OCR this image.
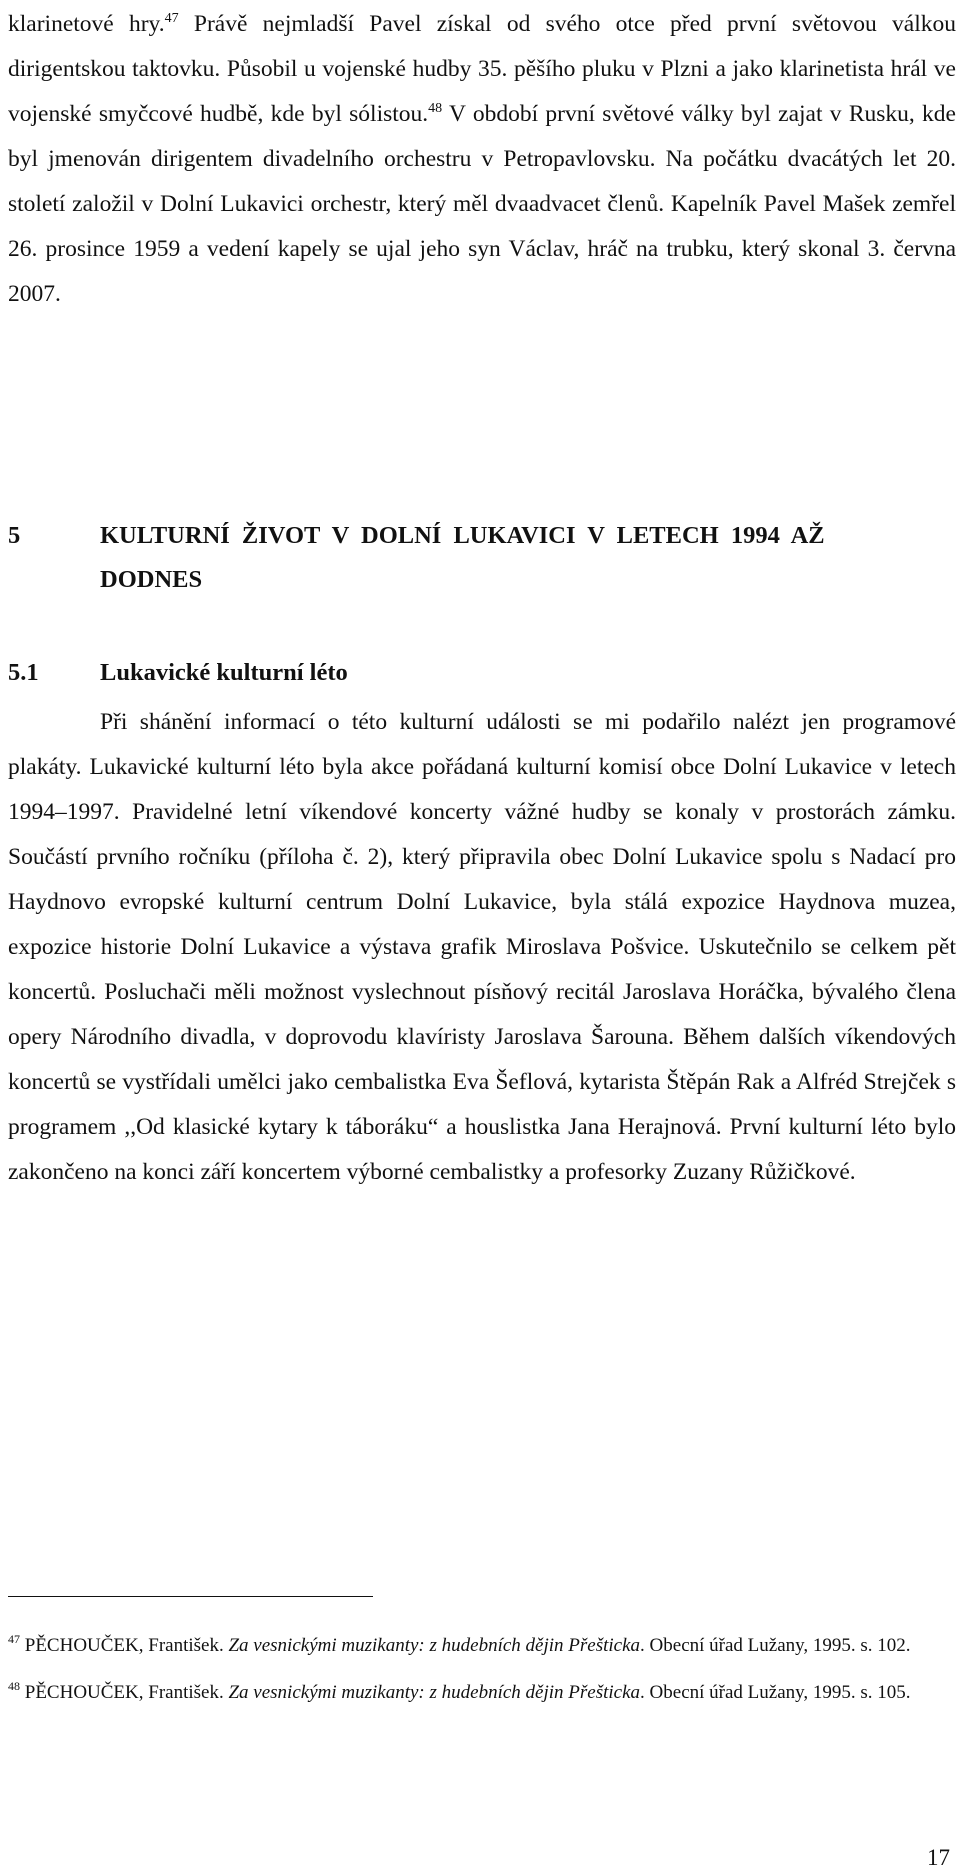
klarinetové hry.$^{47}$ Právě nejmladší Pavel získal od svého otce před první světovou válkou dirigentskou taktovku. Působil u vojenské hudby 35. pěšího pluku v Plzni a jako klarinetista hrál ve vojenské smyčcové hudbě, kde byl sólistou.$^{48}$ V období první světové války byl zajat v Rusku, kde byl jmenován dirigentem divadelního orchestru v Petropavlovsku. Na počátku dvacátých let 20. století založil v Dolní Lukavici orchestr, který měl dvaadvacet členů. Kapelník Pavel Mašek zemřel 26. prosince 1959 a vedení kapely se ujal jeho syn Václav, hráč na trubku, který skonal 3. června 2007.
5	KULTURNÍ ŽIVOT V DOLNÍ LUKAVICI V LETECH 1994 AŽ DODNES
5.1	Lukavické kulturní léto
Při shánění informací o této kulturní události se mi podařilo nalézt jen programové plakáty. Lukavické kulturní léto byla akce pořádaná kulturní komisí obce Dolní Lukavice v letech 1994–1997. Pravidelné letní víkendové koncerty vážné hudby se konaly v prostorách zámku. Součástí prvního ročníku (příloha č. 2), který připravila obec Dolní Lukavice spolu s Nadací pro Haydnovo evropské kulturní centrum Dolní Lukavice, byla stálá expozice Haydnova muzea, expozice historie Dolní Lukavice a výstava grafik Miroslava Pošvice. Uskutečnilo se celkem pět koncertů. Posluchači měli možnost vyslechnout písňový recitál Jaroslava Horáčka, bývalého člena opery Národního divadla, v doprovodu klavíristy Jaroslava Šarouna. Během dalších víkendových koncertů se vystřídali umělci jako cembalistka Eva Šeflová, kytarista Štěpán Rak a Alfréd Strejček s programem ,,Od klasické kytary k táboráku“ a houslistka Jana Herajnová. První kulturní léto bylo zakončeno na konci září koncertem výborné cembalistky a profesorky Zuzany Růžičkové.
$^{47}$ PĚCHOUČEK, František. Za vesnickými muzikanty: z hudebních dějin Přešticka. Obecní úřad Lužany, 1995. s. 102.
$^{48}$ PĚCHOUČEK, František. Za vesnickými muzikanty: z hudebních dějin Přešticka. Obecní úřad Lužany, 1995. s. 105.
17
